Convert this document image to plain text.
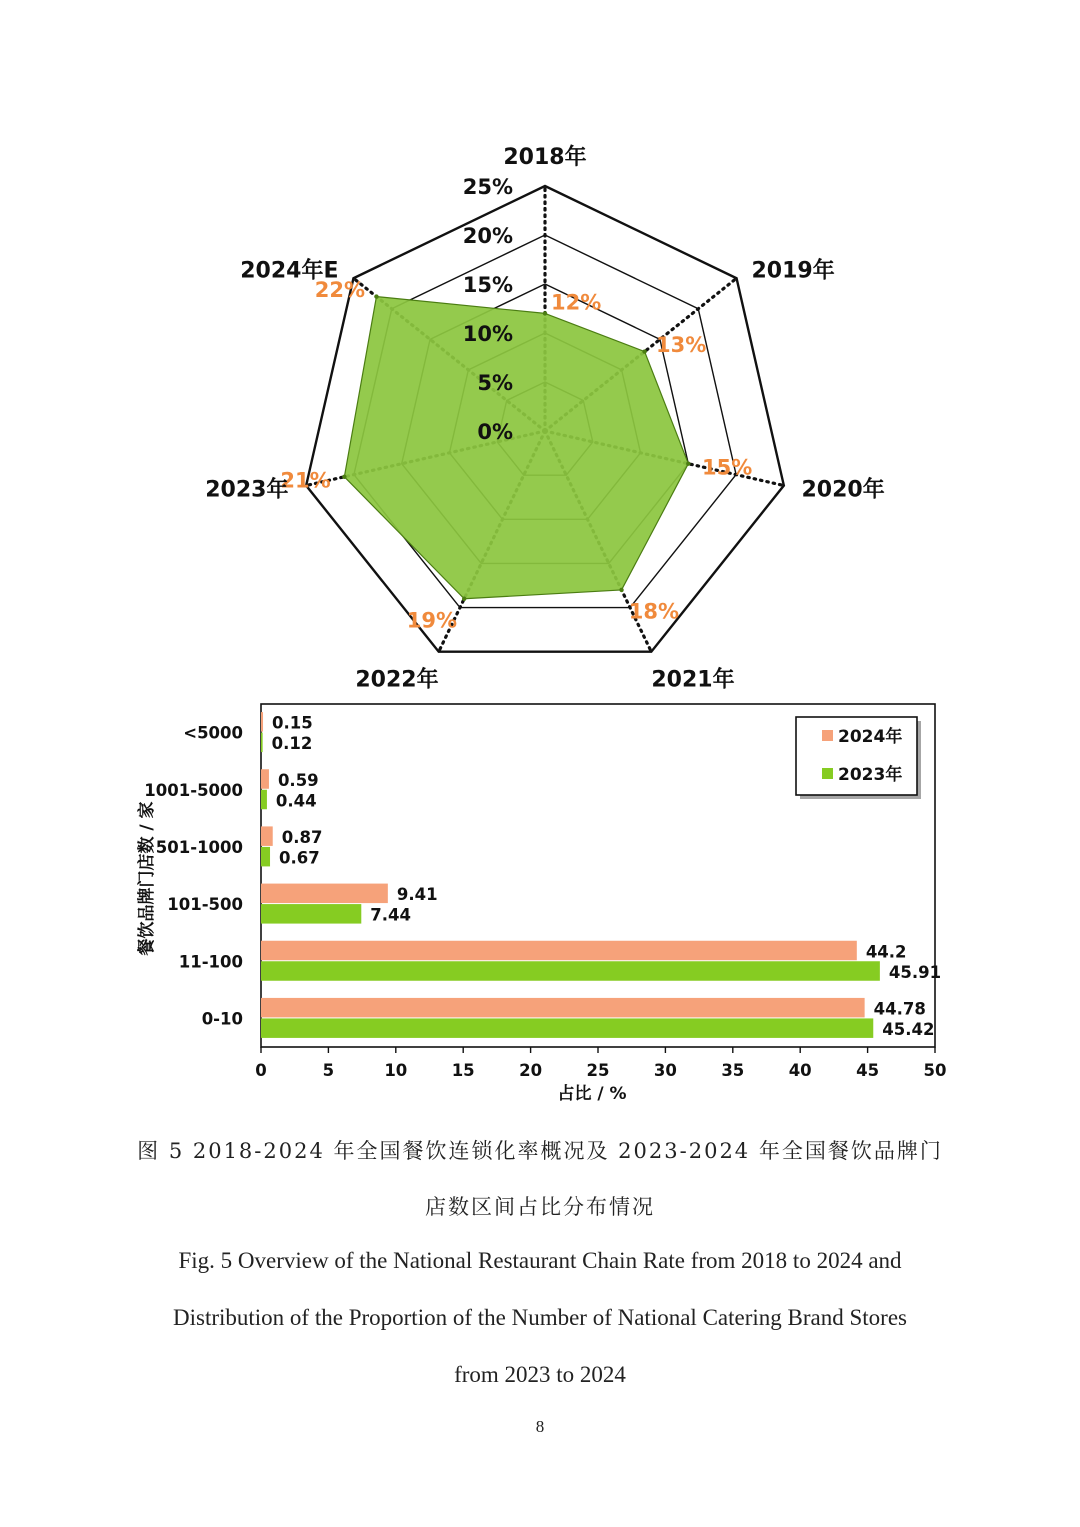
0%
5%
10%
15%
20%
25%
12%
13%
15%
18%
19%
21%
22%
2018年
2019年
2020年
2021年
2022年
2023年
2024年E
0.15
0.12
<5000
0.59
0.44
1001-5000
0.87
0.67
501-1000
9.41
7.44
101-500
44.2
45.91
11-100
44.78
45.42
0-10
0	5	10	15	20	25	30	35	40	45	50
占比 / %
餐饮品牌门店数 / 家
2024年
2023年
图 5 2018-2024 年全国餐饮连锁化率概况及 2023-2024 年全国餐饮品牌门
店数区间占比分布情况
Fig. 5 Overview of the National Restaurant Chain Rate from 2018 to 2024 and
Distribution of the Proportion of the Number of National Catering Brand Stores
from 2023 to 2024
8
